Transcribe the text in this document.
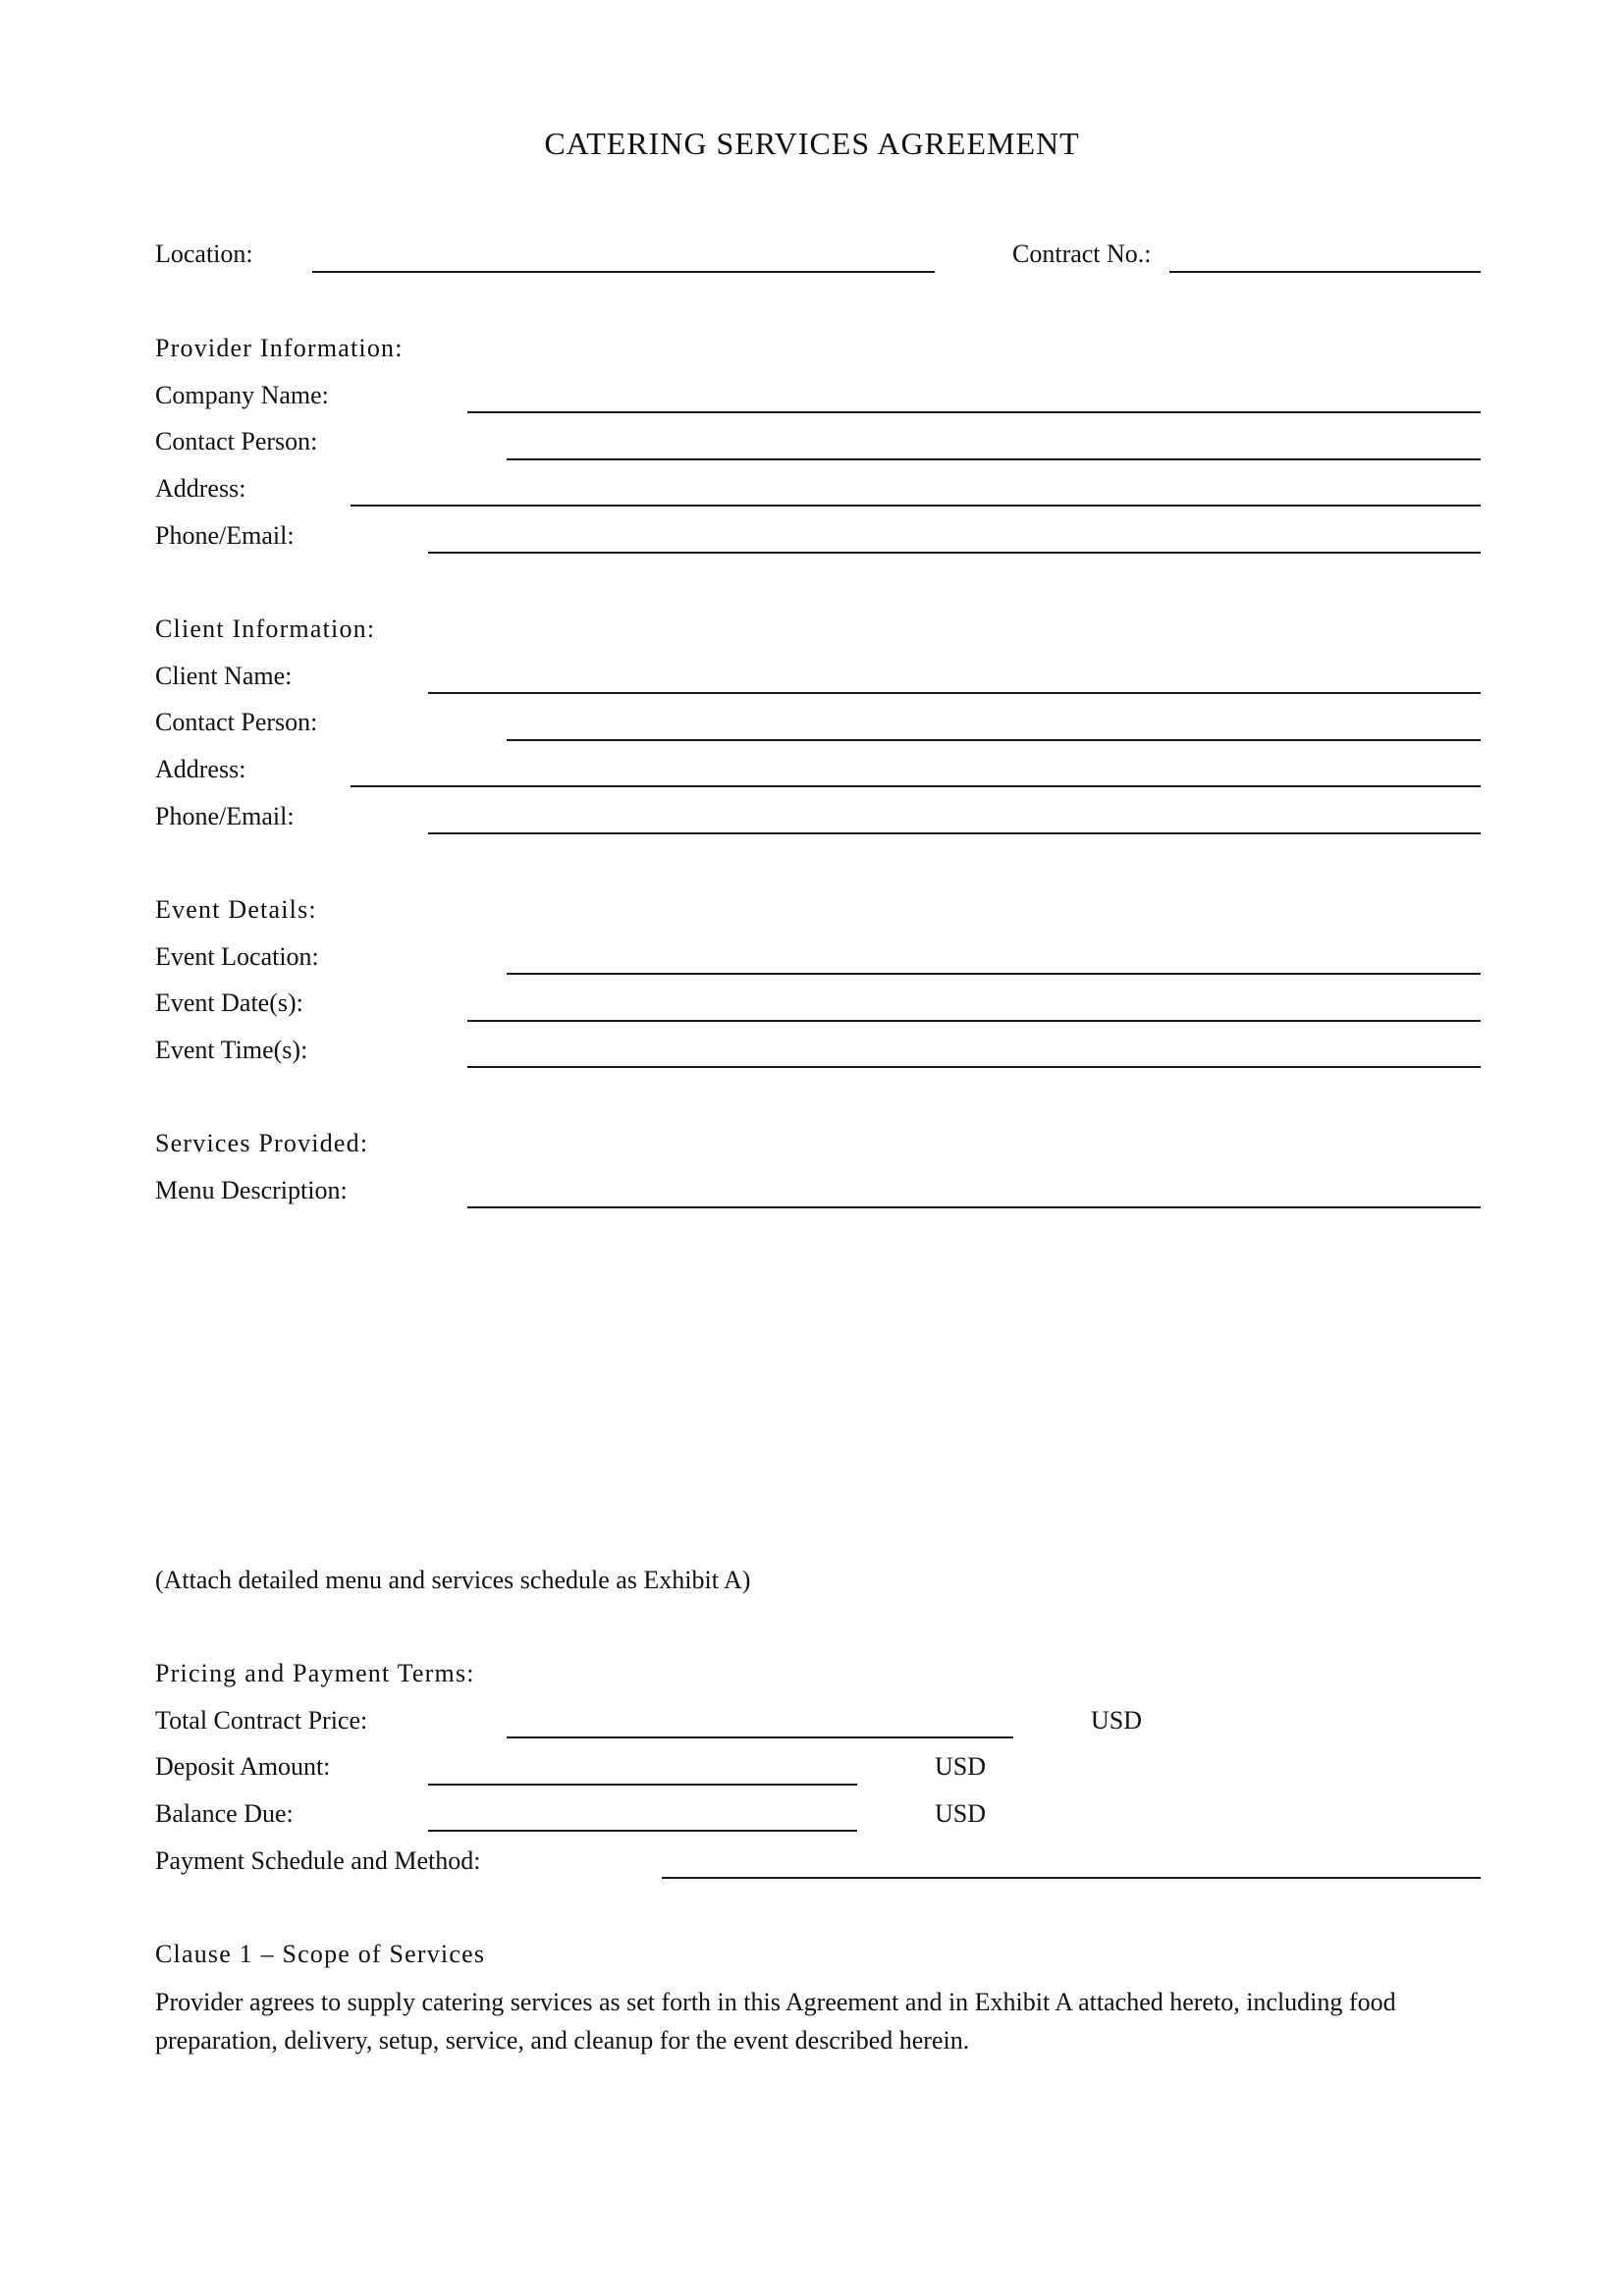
CATERING SERVICES AGREEMENT
Location:	Contract No.:
Provider Information:
Company Name:
Contact Person:
Address:
Phone/Email:
Client Information:
Client Name:
Contact Person:
Address:
Phone/Email:
Event Details:
Event Location:
Event Date(s):
Event Time(s):
Services Provided:
Menu Description:
(Attach detailed menu and services schedule as Exhibit A)
Pricing and Payment Terms:
Total Contract Price:	USD
Deposit Amount:	USD
Balance Due:	USD
Payment Schedule and Method:
Clause 1 – Scope of Services
Provider agrees to supply catering services as set forth in this Agreement and in Exhibit A attached hereto, including food preparation, delivery, setup, service, and cleanup for the event described herein.
